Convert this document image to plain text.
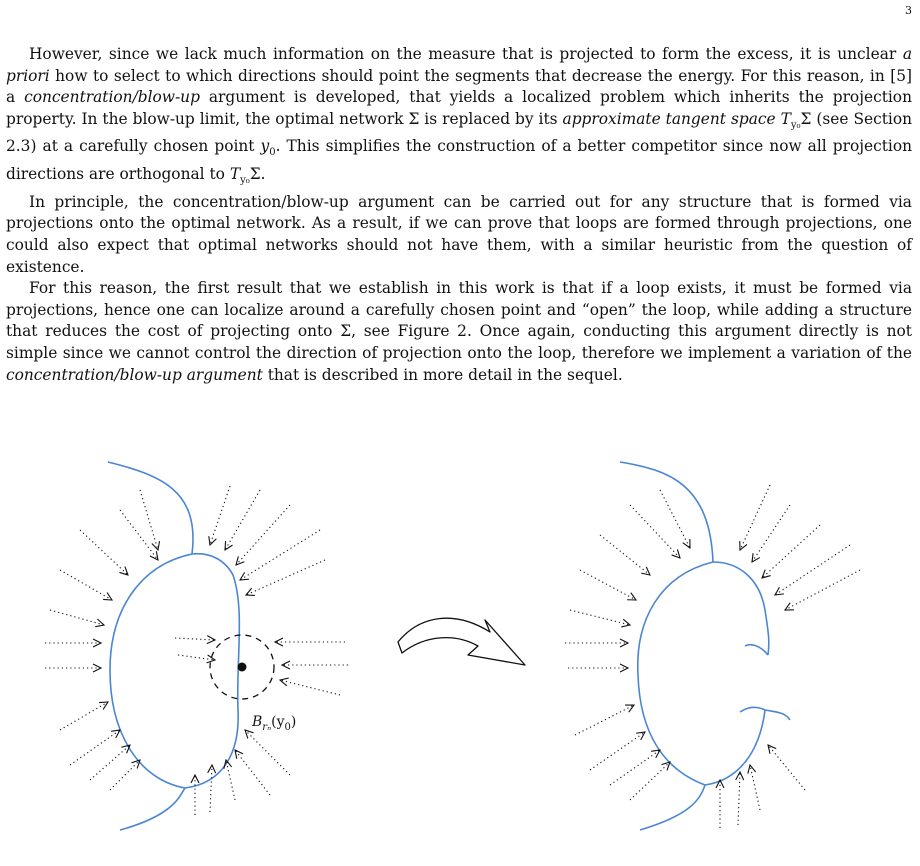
3

However, since we lack much information on the measure that is projected to form the excess, it is unclear a priori how to select to which directions should point the segments that decrease the energy. For this reason, in [5] a concentration/blow-up argument is developed, that yields a localized problem which inherits the projection property. In the blow-up limit, the optimal network Σ is replaced by its approximate tangent space $T_{y_0}\Sigma$ (see Section 2.3) at a carefully chosen point $y_0$. This simplifies the construction of a better competitor since now all projection directions are orthogonal to $T_{y_0}\Sigma$.

In principle, the concentration/blow-up argument can be carried out for any structure that is formed via projections onto the optimal network. As a result, if we can prove that loops are formed through projections, one could also expect that optimal networks should not have them, with a similar heuristic from the question of existence.

For this reason, the first result that we establish in this work is that if a loop exists, it must be formed via projections, hence one can localize around a carefully chosen point and “open” the loop, while adding a structure that reduces the cost of projecting onto Σ, see Figure 2. Once again, conducting this argument directly is not simple since we cannot control the direction of projection onto the loop, therefore we implement a variation of the concentration/blow-up argument that is described in more detail in the sequel.

$B_{r_n}(y_0)$
